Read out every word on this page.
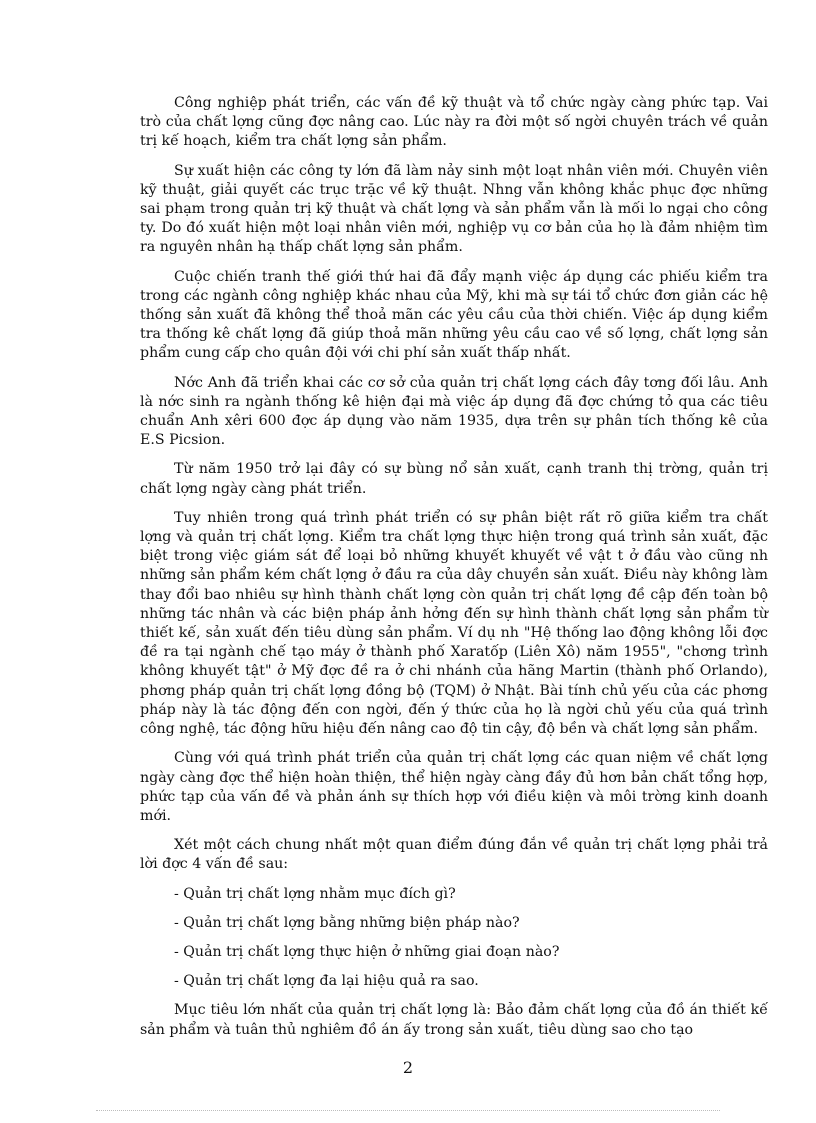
Công nghiệp phát triển, các vấn đề kỹ thuật và tổ chức ngày càng phức tạp. Vai trò của chất lợng cũng đợc nâng cao. Lúc này ra đời một số ngời chuyên trách về quản trị kế hoạch, kiểm tra chất lợng sản phẩm.

Sự xuất hiện các công ty lớn đã làm nảy sinh một loạt nhân viên mới. Chuyên viên kỹ thuật, giải quyết các trục trặc về kỹ thuật. Nhng vẫn không khắc phục đợc những sai phạm trong quản trị kỹ thuật và chất lợng và sản phẩm vẫn là mối lo ngại cho công ty. Do đó xuất hiện một loại nhân viên mới, nghiệp vụ cơ bản của họ là đảm nhiệm tìm ra nguyên nhân hạ thấp chất lợng sản phẩm.

Cuộc chiến tranh thế giới thứ hai đã đẩy mạnh việc áp dụng các phiếu kiểm tra trong các ngành công nghiệp khác nhau của Mỹ, khi mà sự tái tổ chức đơn giản các hệ thống sản xuất đã không thể thoả mãn các yêu cầu của thời chiến. Việc áp dụng kiểm tra thống kê chất lợng đã giúp thoả mãn những yêu cầu cao về số lợng, chất lợng sản phẩm cung cấp cho quân đội với chi phí sản xuất thấp nhất.

Nớc Anh đã triển khai các cơ sở của quản trị chất lợng cách đây tơng đối lâu. Anh là nớc sinh ra ngành thống kê hiện đại mà việc áp dụng đã đợc chứng tỏ qua các tiêu chuẩn Anh xêri 600 đợc áp dụng vào năm 1935, dựa trên sự phân tích thống kê của E.S Picsion.

Từ năm 1950 trở lại đây có sự bùng nổ sản xuất, cạnh tranh thị trờng, quản trị chất lợng ngày càng phát triển.

Tuy nhiên trong quá trình phát triển có sự phân biệt rất rõ giữa kiểm tra chất lợng và quản trị chất lợng. Kiểm tra chất lợng thực hiện trong quá trình sản xuất, đặc biệt trong việc giám sát để loại bỏ những khuyết khuyết về vật t ở đầu vào cũng nh những sản phẩm kém chất lợng ở đầu ra của dây chuyền sản xuất. Điều này không làm thay đổi bao nhiêu sự hình thành chất lợng còn quản trị chất lợng đề cập đến toàn bộ những tác nhân và các biện pháp ảnh hởng đến sự hình thành chất lợng sản phẩm từ thiết kế, sản xuất đến tiêu dùng sản phẩm. Ví dụ nh "Hệ thống lao động không lỗi đợc đề ra tại ngành chế tạo máy ở thành phố Xaratốp (Liên Xô) năm 1955", "chơng trình không khuyết tật" ở Mỹ đợc đề ra ở chi nhánh của hãng Martin (thành phố Orlando), phơng pháp quản trị chất lợng đồng bộ (TQM) ở Nhật. Bài tính chủ yếu của các phơng pháp này là tác động đến con ngời, đến ý thức của họ là ngời chủ yếu của quá trình công nghệ, tác động hữu hiệu đến nâng cao độ tin cậy, độ bền và chất lợng sản phẩm.

Cùng với quá trình phát triển của quản trị chất lợng các quan niệm về chất lợng ngày càng đợc thể hiện hoàn thiện, thể hiện ngày càng đầy đủ hơn bản chất tổng hợp, phức tạp của vấn đề và phản ánh sự thích hợp với điều kiện và môi trờng kinh doanh mới.

Xét một cách chung nhất một quan điểm đúng đắn về quản trị chất lợng phải trả lời đợc 4 vấn đề sau:

- Quản trị chất lợng nhằm mục đích gì?

- Quản trị chất lợng bằng những biện pháp nào?

- Quản trị chất lợng thực hiện ở những giai đoạn nào?

- Quản trị chất lợng đa lại hiệu quả ra sao.

Mục tiêu lớn nhất của quản trị chất lợng là: Bảo đảm chất lợng của đồ án thiết kế sản phẩm và tuân thủ nghiêm đồ án ấy trong sản xuất, tiêu dùng sao cho tạo

2
